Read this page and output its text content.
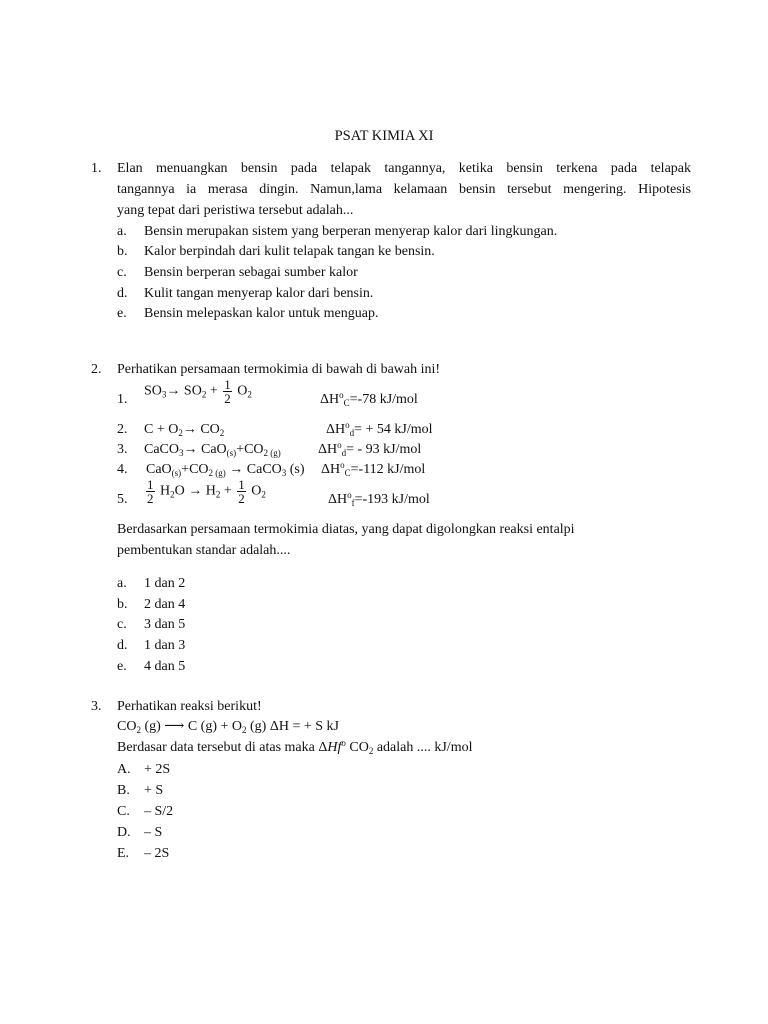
PSAT KIMIA XI
1. Elan menuangkan bensin pada telapak tangannya, ketika bensin terkena pada telapak
tangannya ia merasa dingin. Namun,lama kelamaan bensin tersebut mengering. Hipotesis
yang tepat dari peristiwa tersebut adalah...
a. Bensin merupakan sistem yang berperan menyerap kalor dari lingkungan.
b. Kalor berpindah dari kulit telapak tangan ke bensin.
c. Bensin berperan sebagai sumber kalor
d. Kulit tangan menyerap kalor dari bensin.
e. Bensin melepaskan kalor untuk menguap.
2. Perhatikan persamaan termokimia di bawah di bawah ini!
1.
$SO_3\to SO_2 + \frac{1}{2} O_2$	$\Delta H^o_C=-78$ kJ/mol
2. $C + O_2\to CO_2$	$\Delta H^o_d= + 54$ kJ/mol
3. CaCO$_3$→ $CaO_{(s)}+CO_{2 (g)}$	$\Delta H^o_d= - 93$ kJ/mol
4. $CaO_{(s)}+CO_{2 (g)}$ → CaCO$_3$ (s) $\Delta H^o_C=-112$ kJ/mol
5. $\frac{1}{2} H_2O \to H_2 + \frac{1}{2} O_2$	$\Delta H^o_f=-193$ kJ/mol
Berdasarkan persamaan termokimia diatas, yang dapat digolongkan reaksi entalpi
pembentukan standar adalah....
a. 1 dan 2
b. 2 dan 4
c. 3 dan 5
d. 1 dan 3
e. 4 dan 5
3. Perhatikan reaksi berikut!
$CO_2$ (g) ⟶ C $(g) + O_2$ (g) ΔH = + S kJ
Berdasar data tersebut di atas maka ΔHf$^o$ $CO_2$ adalah .... kJ/mol
A. + 2S
B. + S
C. – S/2
D. – S
E. – 2S
